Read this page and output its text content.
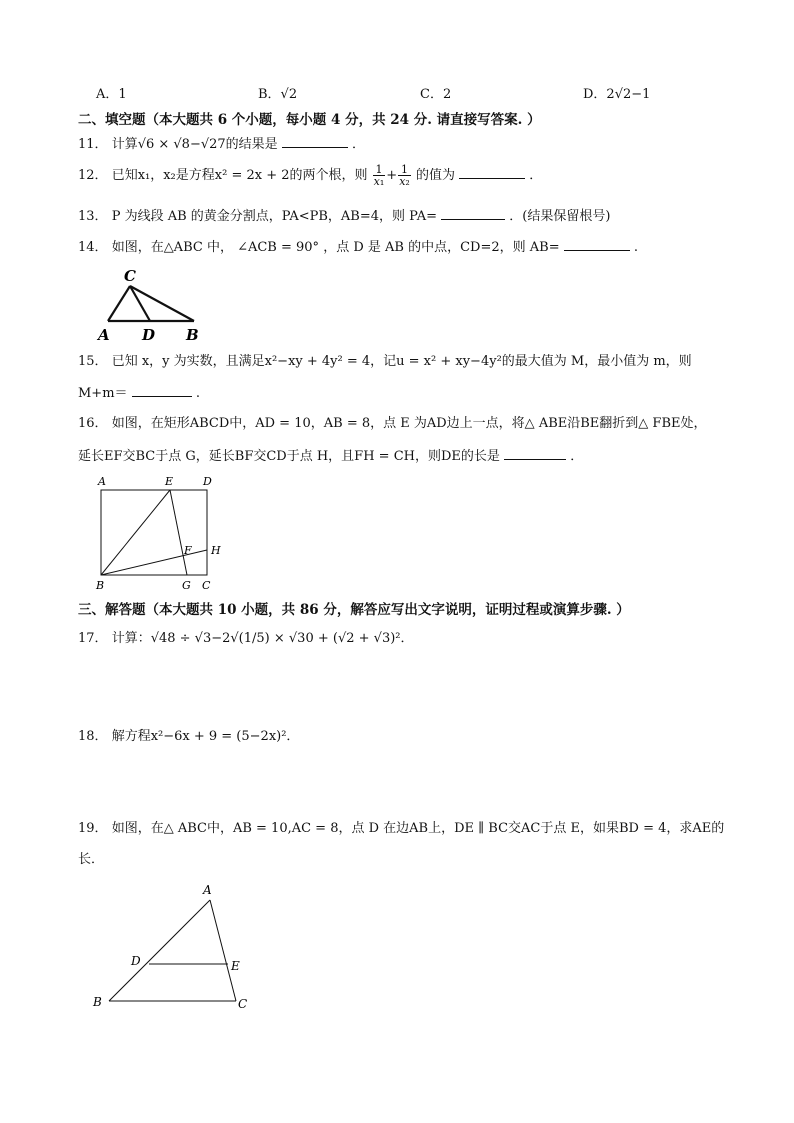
A．1	B．√2	C．2	D．2√2−1
二、填空题（本大题共 6 个小题，每小题 4 分，共 24 分. 请直接写答案. ）
11． 计算√6 × √8−√27的结果是	．
12． 已知x₁，x₂是方程x² = 2x + 2的两个根，则 $\frac{1}{\text{x₁}} + \frac{1}{\text{x₂}}$ 的值为	．
13． P 为线段 AB 的黄金分割点，PA<PB，AB=4，则 PA=	．(结果保留根号)
14． 如图，在△ABC 中， ∠ACB = 90° ，点 D 是 AB 的中点，CD=2，则 AB=	.
C
A D B
15． 已知 x，y 为实数，且满足x²−xy + 4y² = 4，记u = x² + xy−4y²的最大值为 M，最小值为 m，则
M+m＝	.
16． 如图，在矩形ABCD中，AD = 10，AB = 8，点 E 为AD边上一点，将△ ABE沿BE翻折到△ FBE处，
延长EF交BC于点 G，延长BF交CD于点 H，且FH = CH，则DE的长是	．
A	E	D
F H
B	G C
三、解答题（本大题共 10 小题，共 86 分，解答应写出文字说明，证明过程或演算步骤. ）
17． 计算：√48 ÷ √3−2√(1/5) × √30 + (√2 + √3)²．
18． 解方程x²−6x + 9 = (5−2x)²．
19． 如图，在△ ABC中，AB = 10,AC = 8，点 D 在边AB上，DE ∥ BC交AC于点 E，如果BD = 4，求AE的
长．
A
D	E
B	C
